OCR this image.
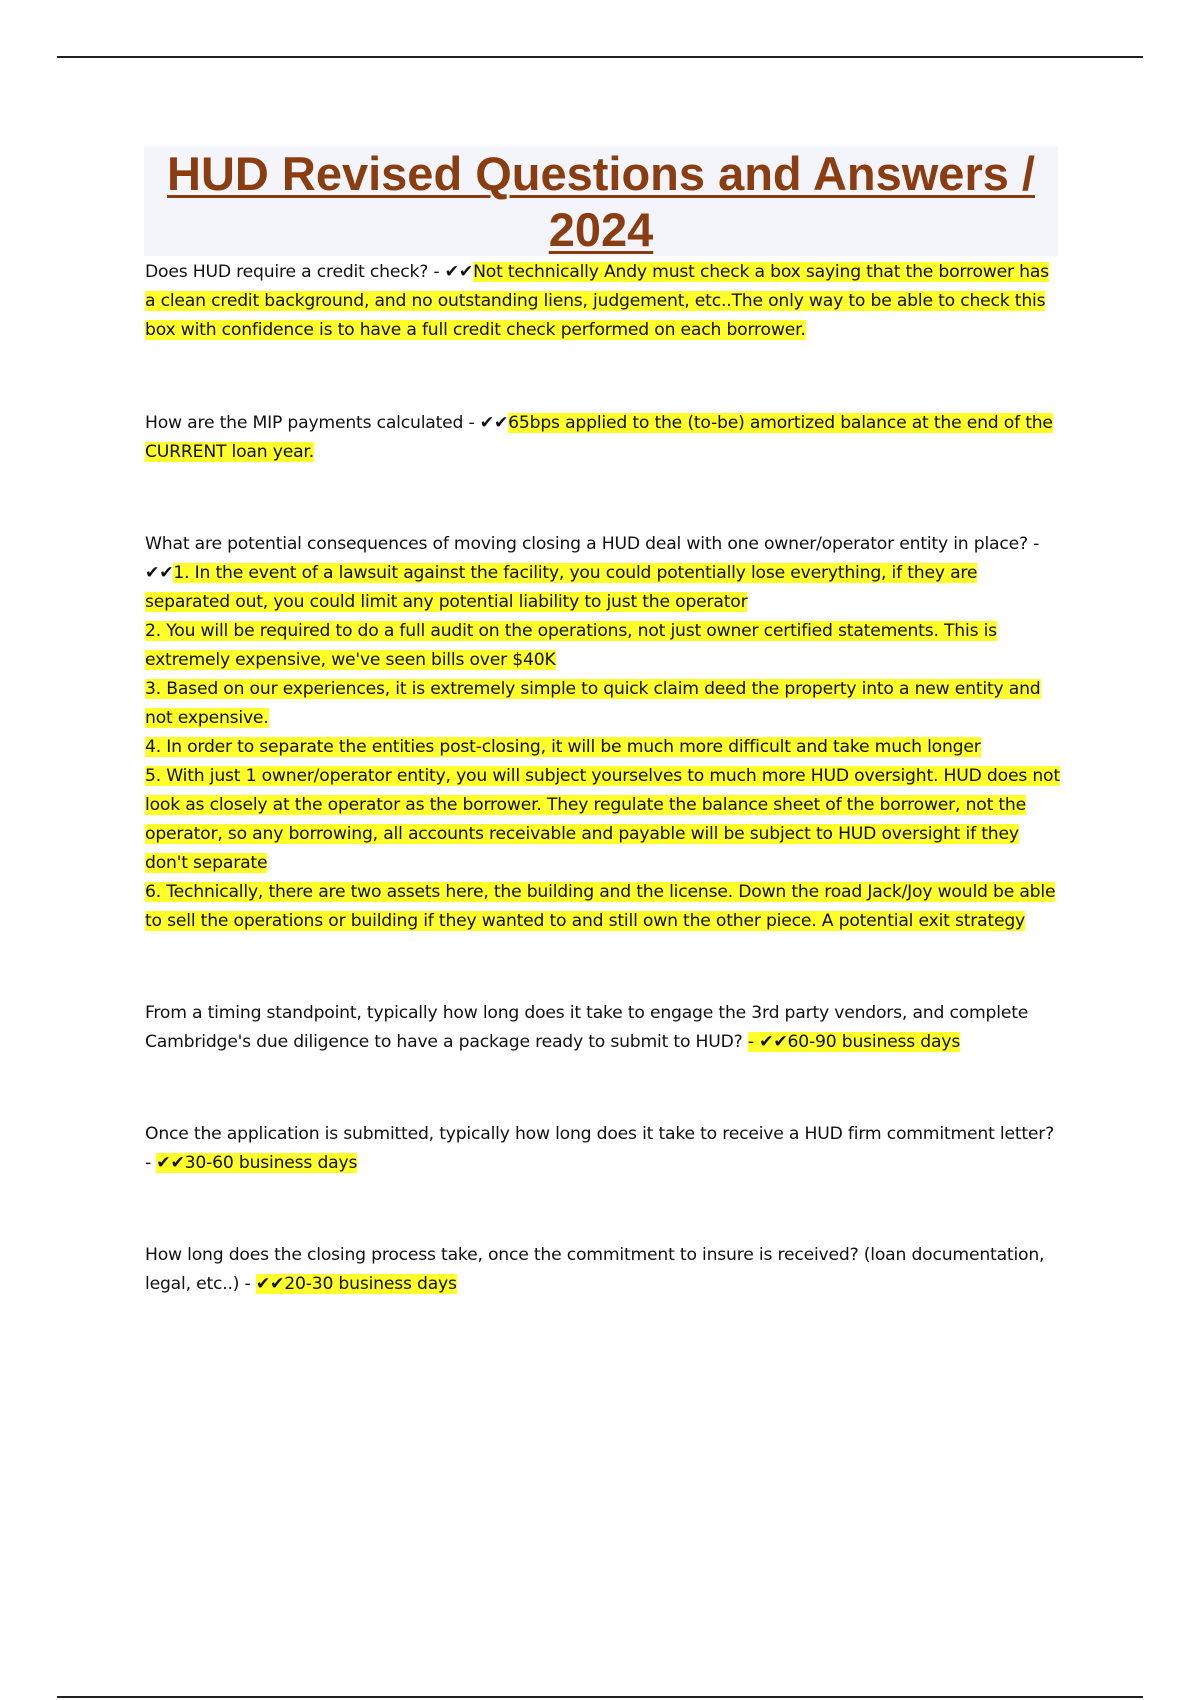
HUD Revised Questions and Answers / 2024

Does HUD require a credit check? - ✔✔Not technically Andy must check a box saying that the borrower has a clean credit background, and no outstanding liens, judgement, etc..The only way to be able to check this box with confidence is to have a full credit check performed on each borrower.

How are the MIP payments calculated - ✔✔65bps applied to the (to-be) amortized balance at the end of the CURRENT loan year.

What are potential consequences of moving closing a HUD deal with one owner/operator entity in place? - ✔✔1. In the event of a lawsuit against the facility, you could potentially lose everything, if they are separated out, you could limit any potential liability to just the operator

2. You will be required to do a full audit on the operations, not just owner certified statements. This is extremely expensive, we've seen bills over $40K

3. Based on our experiences, it is extremely simple to quick claim deed the property into a new entity and not expensive.

4. In order to separate the entities post-closing, it will be much more difficult and take much longer

5. With just 1 owner/operator entity, you will subject yourselves to much more HUD oversight. HUD does not look as closely at the operator as the borrower. They regulate the balance sheet of the borrower, not the operator, so any borrowing, all accounts receivable and payable will be subject to HUD oversight if they don't separate

6. Technically, there are two assets here, the building and the license. Down the road Jack/Joy would be able to sell the operations or building if they wanted to and still own the other piece. A potential exit strategy

From a timing standpoint, typically how long does it take to engage the 3rd party vendors, and complete Cambridge's due diligence to have a package ready to submit to HUD? - ✔✔60-90 business days

Once the application is submitted, typically how long does it take to receive a HUD firm commitment letter? - ✔✔30-60 business days

How long does the closing process take, once the commitment to insure is received? (loan documentation, legal, etc..) - ✔✔20-30 business days
